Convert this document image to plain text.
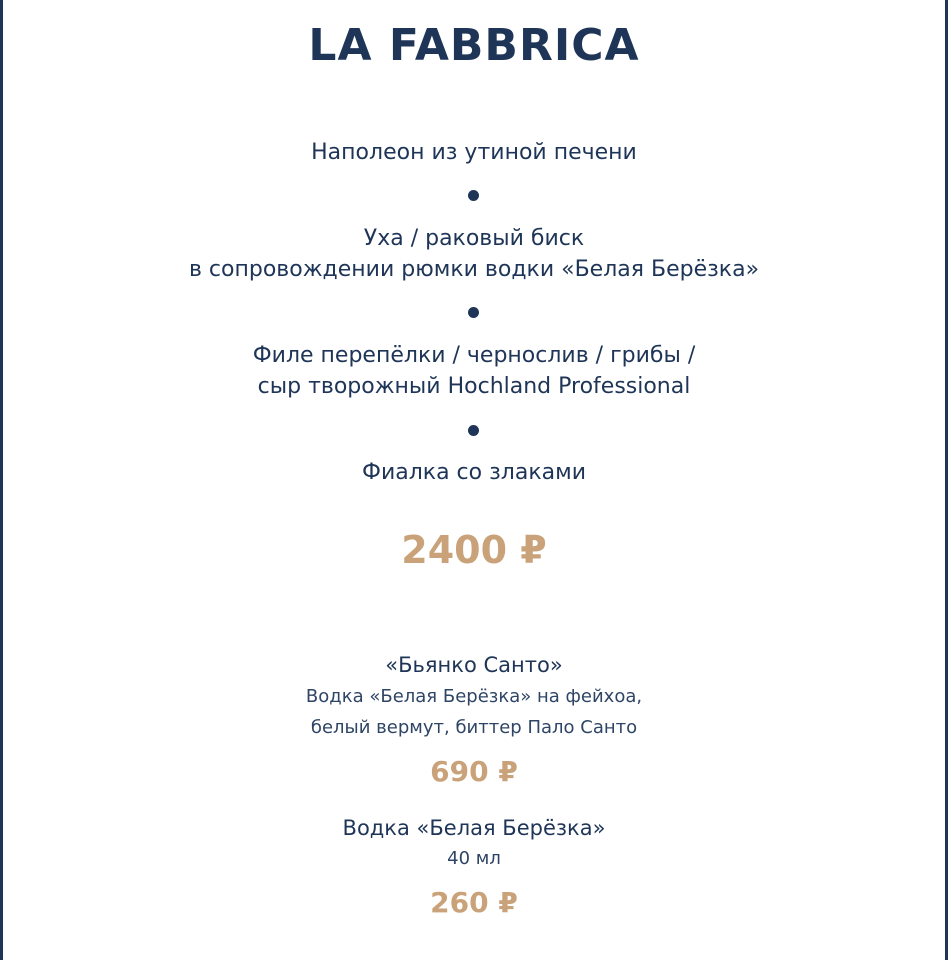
LA FABBRICA
Наполеон из утиной печени
Уха / раковый биск
в сопровождении рюмки водки «Белая Берёзка»
Филе перепёлки / чернослив / грибы /
сыр творожный Hochland Professional
Фиалка со злаками
2400 ₽
«Бьянко Санто»
Водка «Белая Берёзка» на фейхоа,
белый вермут, биттер Пало Санто
690 ₽
Водка «Белая Берёзка»
40 мл
260 ₽
